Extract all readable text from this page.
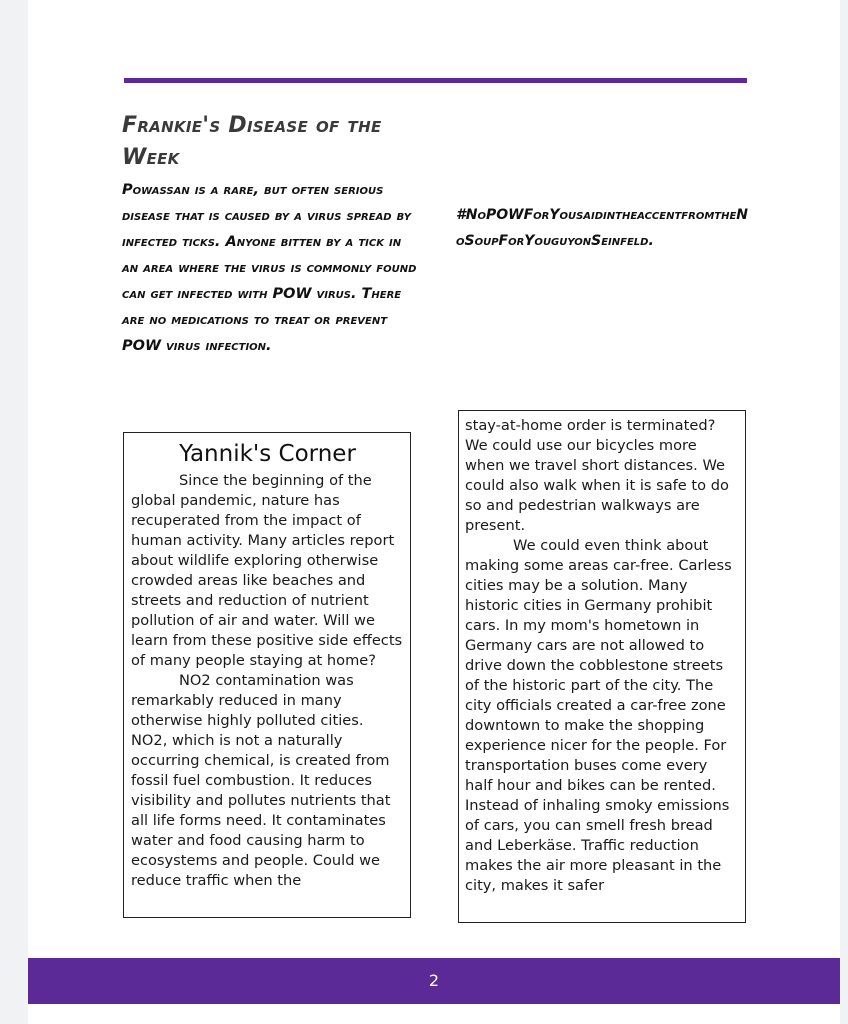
Frankie's Disease of the Week
Powassan is a rare, but often serious disease that is caused by a virus spread by infected ticks. Anyone bitten by a tick in an area where the virus is commonly found can get infected with POW virus. There are no medications to treat or prevent POW virus infection.
#NoPOWForYousaidintheaccentfromtheNoSoupForYouguyonSeinfeld.
Yannik's Corner

Since the beginning of the global pandemic, nature has recuperated from the impact of human activity. Many articles report about wildlife exploring otherwise crowded areas like beaches and streets and reduction of nutrient pollution of air and water. Will we learn from these positive side effects of many people staying at home?

NO2 contamination was remarkably reduced in many otherwise highly polluted cities. NO2, which is not a naturally occurring chemical, is created from fossil fuel combustion. It reduces visibility and pollutes nutrients that all life forms need. It contaminates water and food causing harm to ecosystems and people. Could we reduce traffic when the

stay-at-home order is terminated? We could use our bicycles more when we travel short distances. We could also walk when it is safe to do so and pedestrian walkways are present.

We could even think about making some areas car-free. Carless cities may be a solution. Many historic cities in Germany prohibit cars. In my mom's hometown in Germany cars are not allowed to drive down the cobblestone streets of the historic part of the city. The city officials created a car-free zone downtown to make the shopping experience nicer for the people. For transportation buses come every half hour and bikes can be rented. Instead of inhaling smoky emissions of cars, you can smell fresh bread and Leberkäse. Traffic reduction makes the air more pleasant in the city, makes it safer

2
